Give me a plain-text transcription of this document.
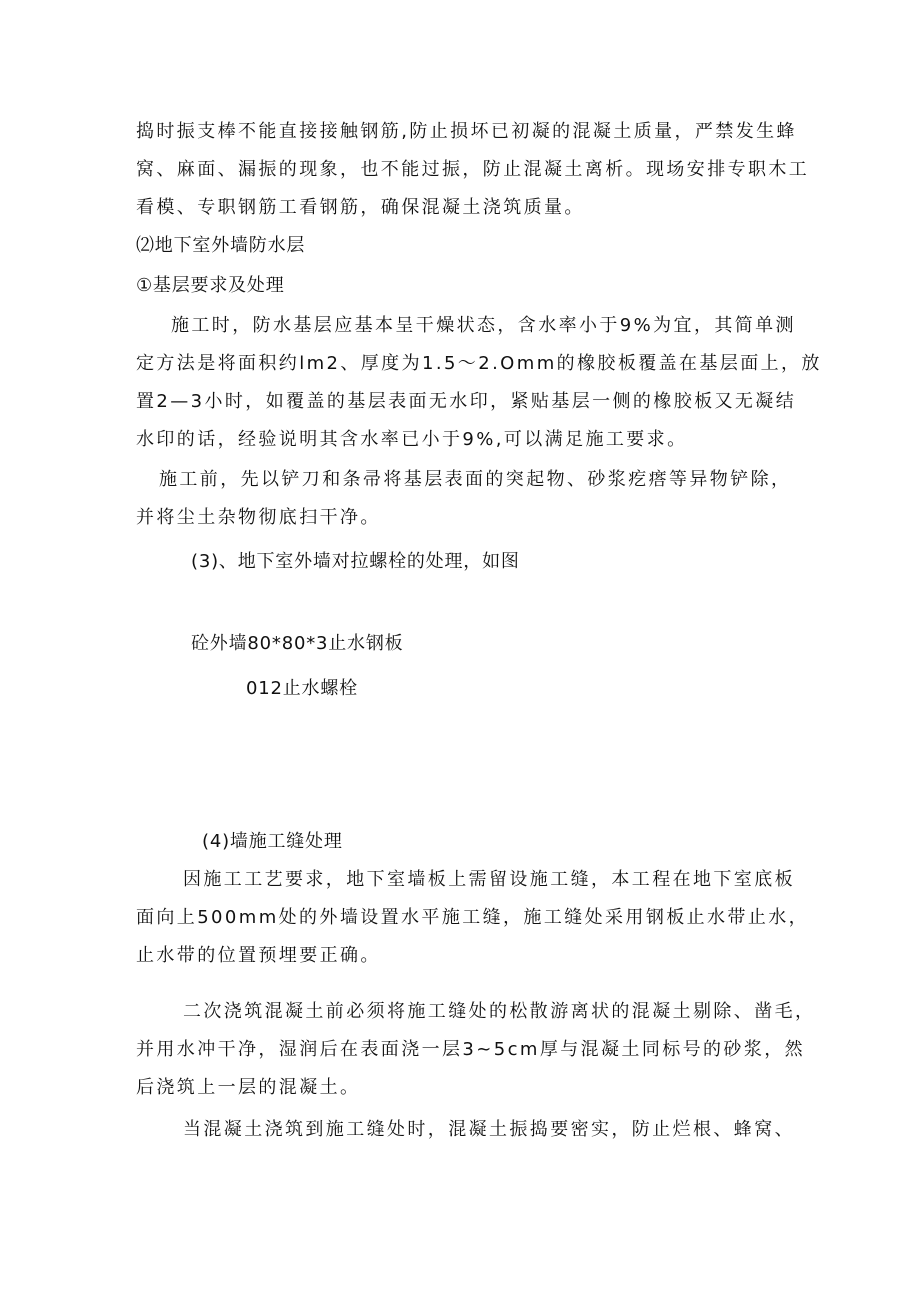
捣时振支棒不能直接接触钢筋,防止损坏已初凝的混凝土质量，严禁发生蜂
窝、麻面、漏振的现象，也不能过振，防止混凝土离析。现场安排专职木工
看模、专职钢筋工看钢筋，确保混凝土浇筑质量。
⑵地下室外墙防水层
①基层要求及处理
施工时，防水基层应基本呈干燥状态，含水率小于9%为宜，其简单测
定方法是将面积约lm2、厚度为1.5～2.Omm的橡胶板覆盖在基层面上，放
置2—3小时，如覆盖的基层表面无水印，紧贴基层一侧的橡胶板又无凝结
水印的话，经验说明其含水率已小于9%,可以满足施工要求。
施工前，先以铲刀和条帚将基层表面的突起物、砂浆疙瘩等异物铲除，
并将尘土杂物彻底扫干净。
(3)、地下室外墙对拉螺栓的处理，如图
砼外墙80*80*3止水钢板
012止水螺栓
(4)墙施工缝处理
因施工工艺要求，地下室墙板上需留设施工缝，本工程在地下室底板
面向上500mm处的外墙设置水平施工缝，施工缝处采用钢板止水带止水，
止水带的位置预埋要正确。
二次浇筑混凝土前必须将施工缝处的松散游离状的混凝土剔除、凿毛，
并用水冲干净，湿润后在表面浇一层3~5cm厚与混凝土同标号的砂浆，然
后浇筑上一层的混凝土。
当混凝土浇筑到施工缝处时，混凝土振捣要密实，防止烂根、蜂窝、
